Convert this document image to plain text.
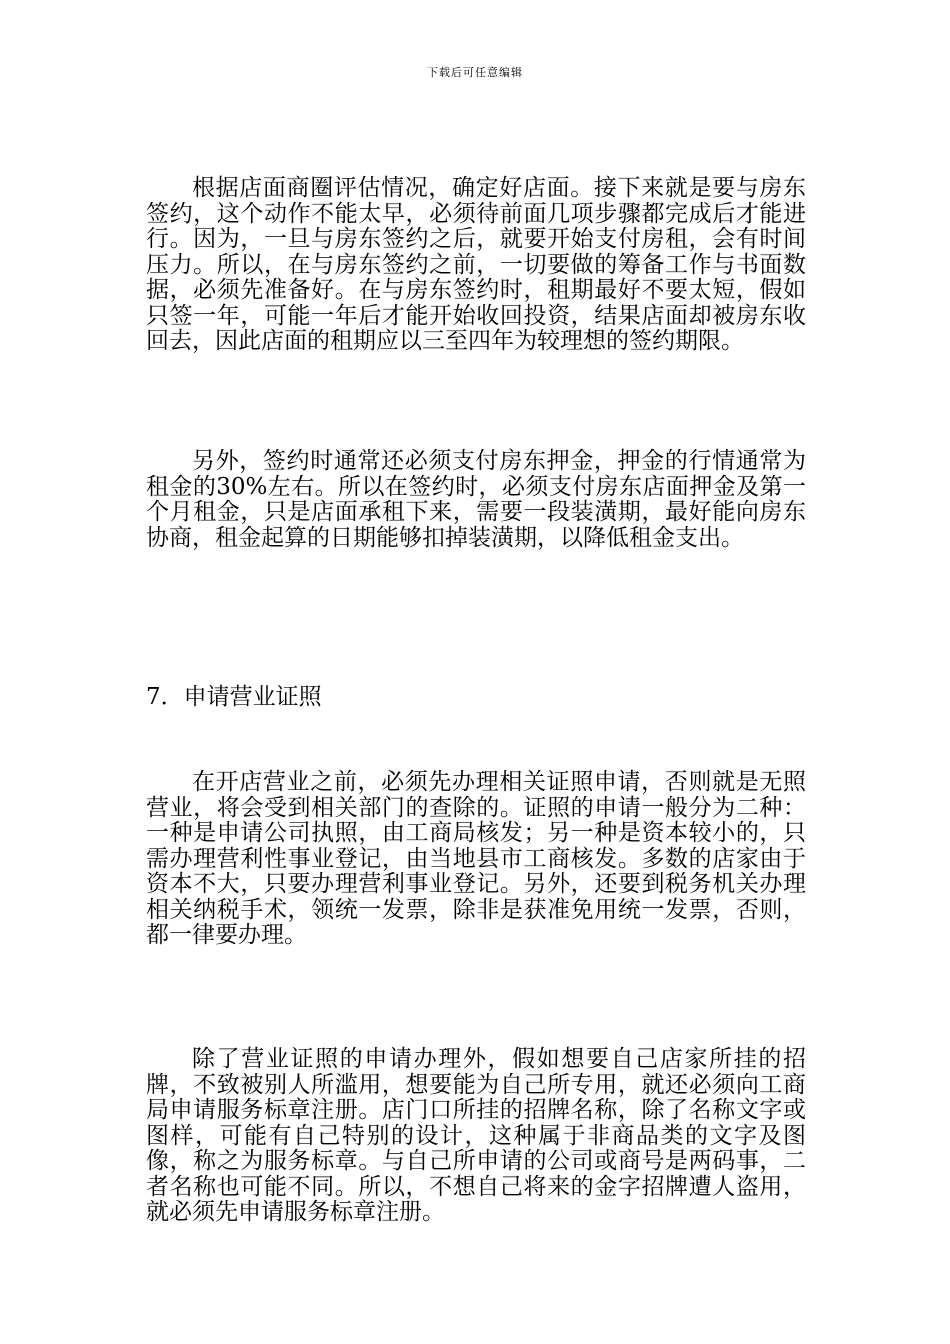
下载后可任意编辑

根据店面商圈评估情况，确定好店面。接下来就是要与房东签约，这个动作不能太早，必须待前面几项步骤都完成后才能进行。因为，一旦与房东签约之后，就要开始支付房租，会有时间压力。所以，在与房东签约之前，一切要做的筹备工作与书面数据，必须先准备好。在与房东签约时，租期最好不要太短，假如只签一年，可能一年后才能开始收回投资，结果店面却被房东收回去，因此店面的租期应以三至四年为较理想的签约期限。

另外，签约时通常还必须支付房东押金，押金的行情通常为租金的30%左右。所以在签约时，必须支付房东店面押金及第一个月租金，只是店面承租下来，需要一段装潢期，最好能向房东协商，租金起算的日期能够扣掉装潢期，以降低租金支出。

7．申请营业证照

在开店营业之前，必须先办理相关证照申请，否则就是无照营业，将会受到相关部门的查除的。证照的申请一般分为二种：一种是申请公司执照，由工商局核发；另一种是资本较小的，只需办理营利性事业登记，由当地县市工商核发。多数的店家由于资本不大，只要办理营利事业登记。另外，还要到税务机关办理相关纳税手术，领统一发票，除非是获准免用统一发票，否则，都一律要办理。

除了营业证照的申请办理外，假如想要自己店家所挂的招牌，不致被别人所滥用，想要能为自己所专用，就还必须向工商局申请服务标章注册。店门口所挂的招牌名称，除了名称文字或图样，可能有自己特别的设计，这种属于非商品类的文字及图像，称之为服务标章。与自己所申请的公司或商号是两码事，二者名称也可能不同。所以，不想自己将来的金字招牌遭人盗用，就必须先申请服务标章注册。
